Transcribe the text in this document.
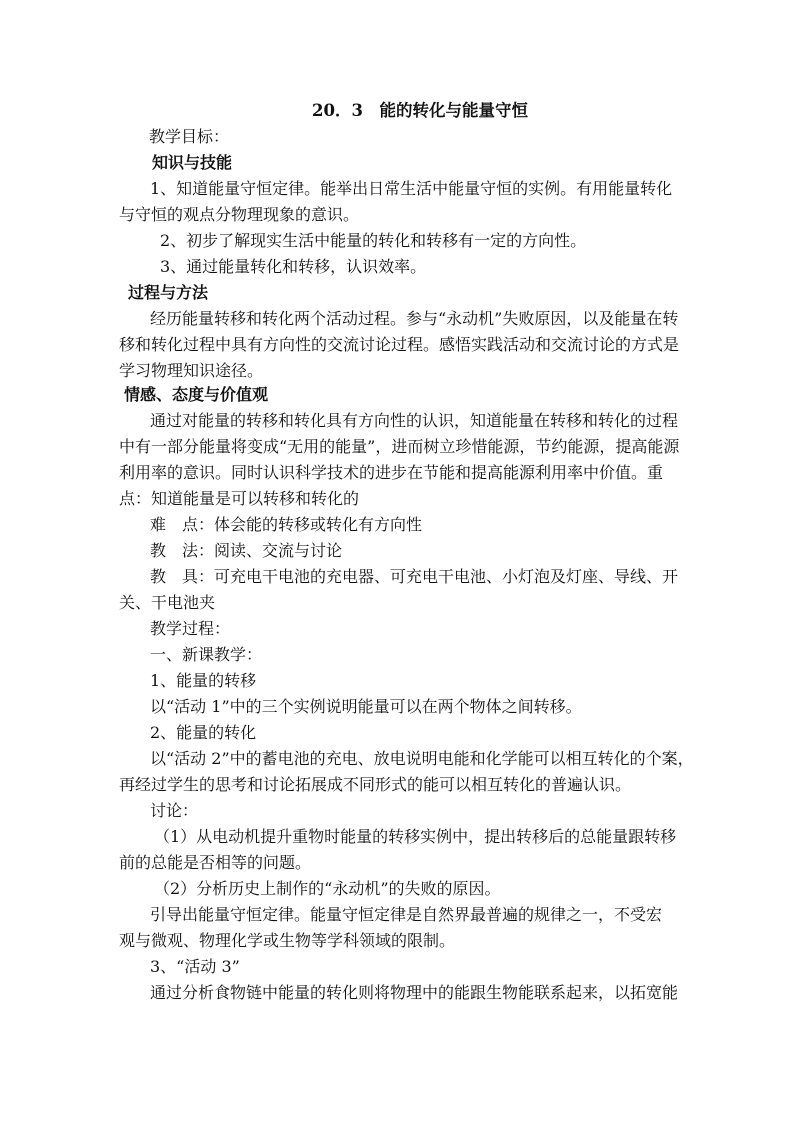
20．3　能的转化与能量守恒
教学目标：
知识与技能
1、知道能量守恒定律。能举出日常生活中能量守恒的实例。有用能量转化
与守恒的观点分物理现象的意识。
2、初步了解现实生活中能量的转化和转移有一定的方向性。
3、通过能量转化和转移，认识效率。
过程与方法
经历能量转移和转化两个活动过程。参与“永动机”失败原因，以及能量在转
移和转化过程中具有方向性的交流讨论过程。感悟实践活动和交流讨论的方式是
学习物理知识途径。
情感、态度与价值观
通过对能量的转移和转化具有方向性的认识，知道能量在转移和转化的过程
中有一部分能量将变成“无用的能量”，进而树立珍惜能源，节约能源，提高能源
利用率的意识。同时认识科学技术的进步在节能和提高能源利用率中价值。重
点：知道能量是可以转移和转化的
难　点：体会能的转移或转化有方向性
教　法：阅读、交流与讨论
教　具：可充电干电池的充电器、可充电干电池、小灯泡及灯座、导线、开
关、干电池夹
教学过程：
一、新课教学：
1、能量的转移
以“活动 1”中的三个实例说明能量可以在两个物体之间转移。
2、能量的转化
以“活动 2”中的蓄电池的充电、放电说明电能和化学能可以相互转化的个案，
再经过学生的思考和讨论拓展成不同形式的能可以相互转化的普遍认识。
讨论：
（1）从电动机提升重物时能量的转移实例中，提出转移后的总能量跟转移
前的总能是否相等的问题。
（2）分析历史上制作的“永动机”的失败的原因。
引导出能量守恒定律。能量守恒定律是自然界最普遍的规律之一，不受宏
观与微观、物理化学或生物等学科领域的限制。
3、“活动 3”
通过分析食物链中能量的转化则将物理中的能跟生物能联系起来，以拓宽能
